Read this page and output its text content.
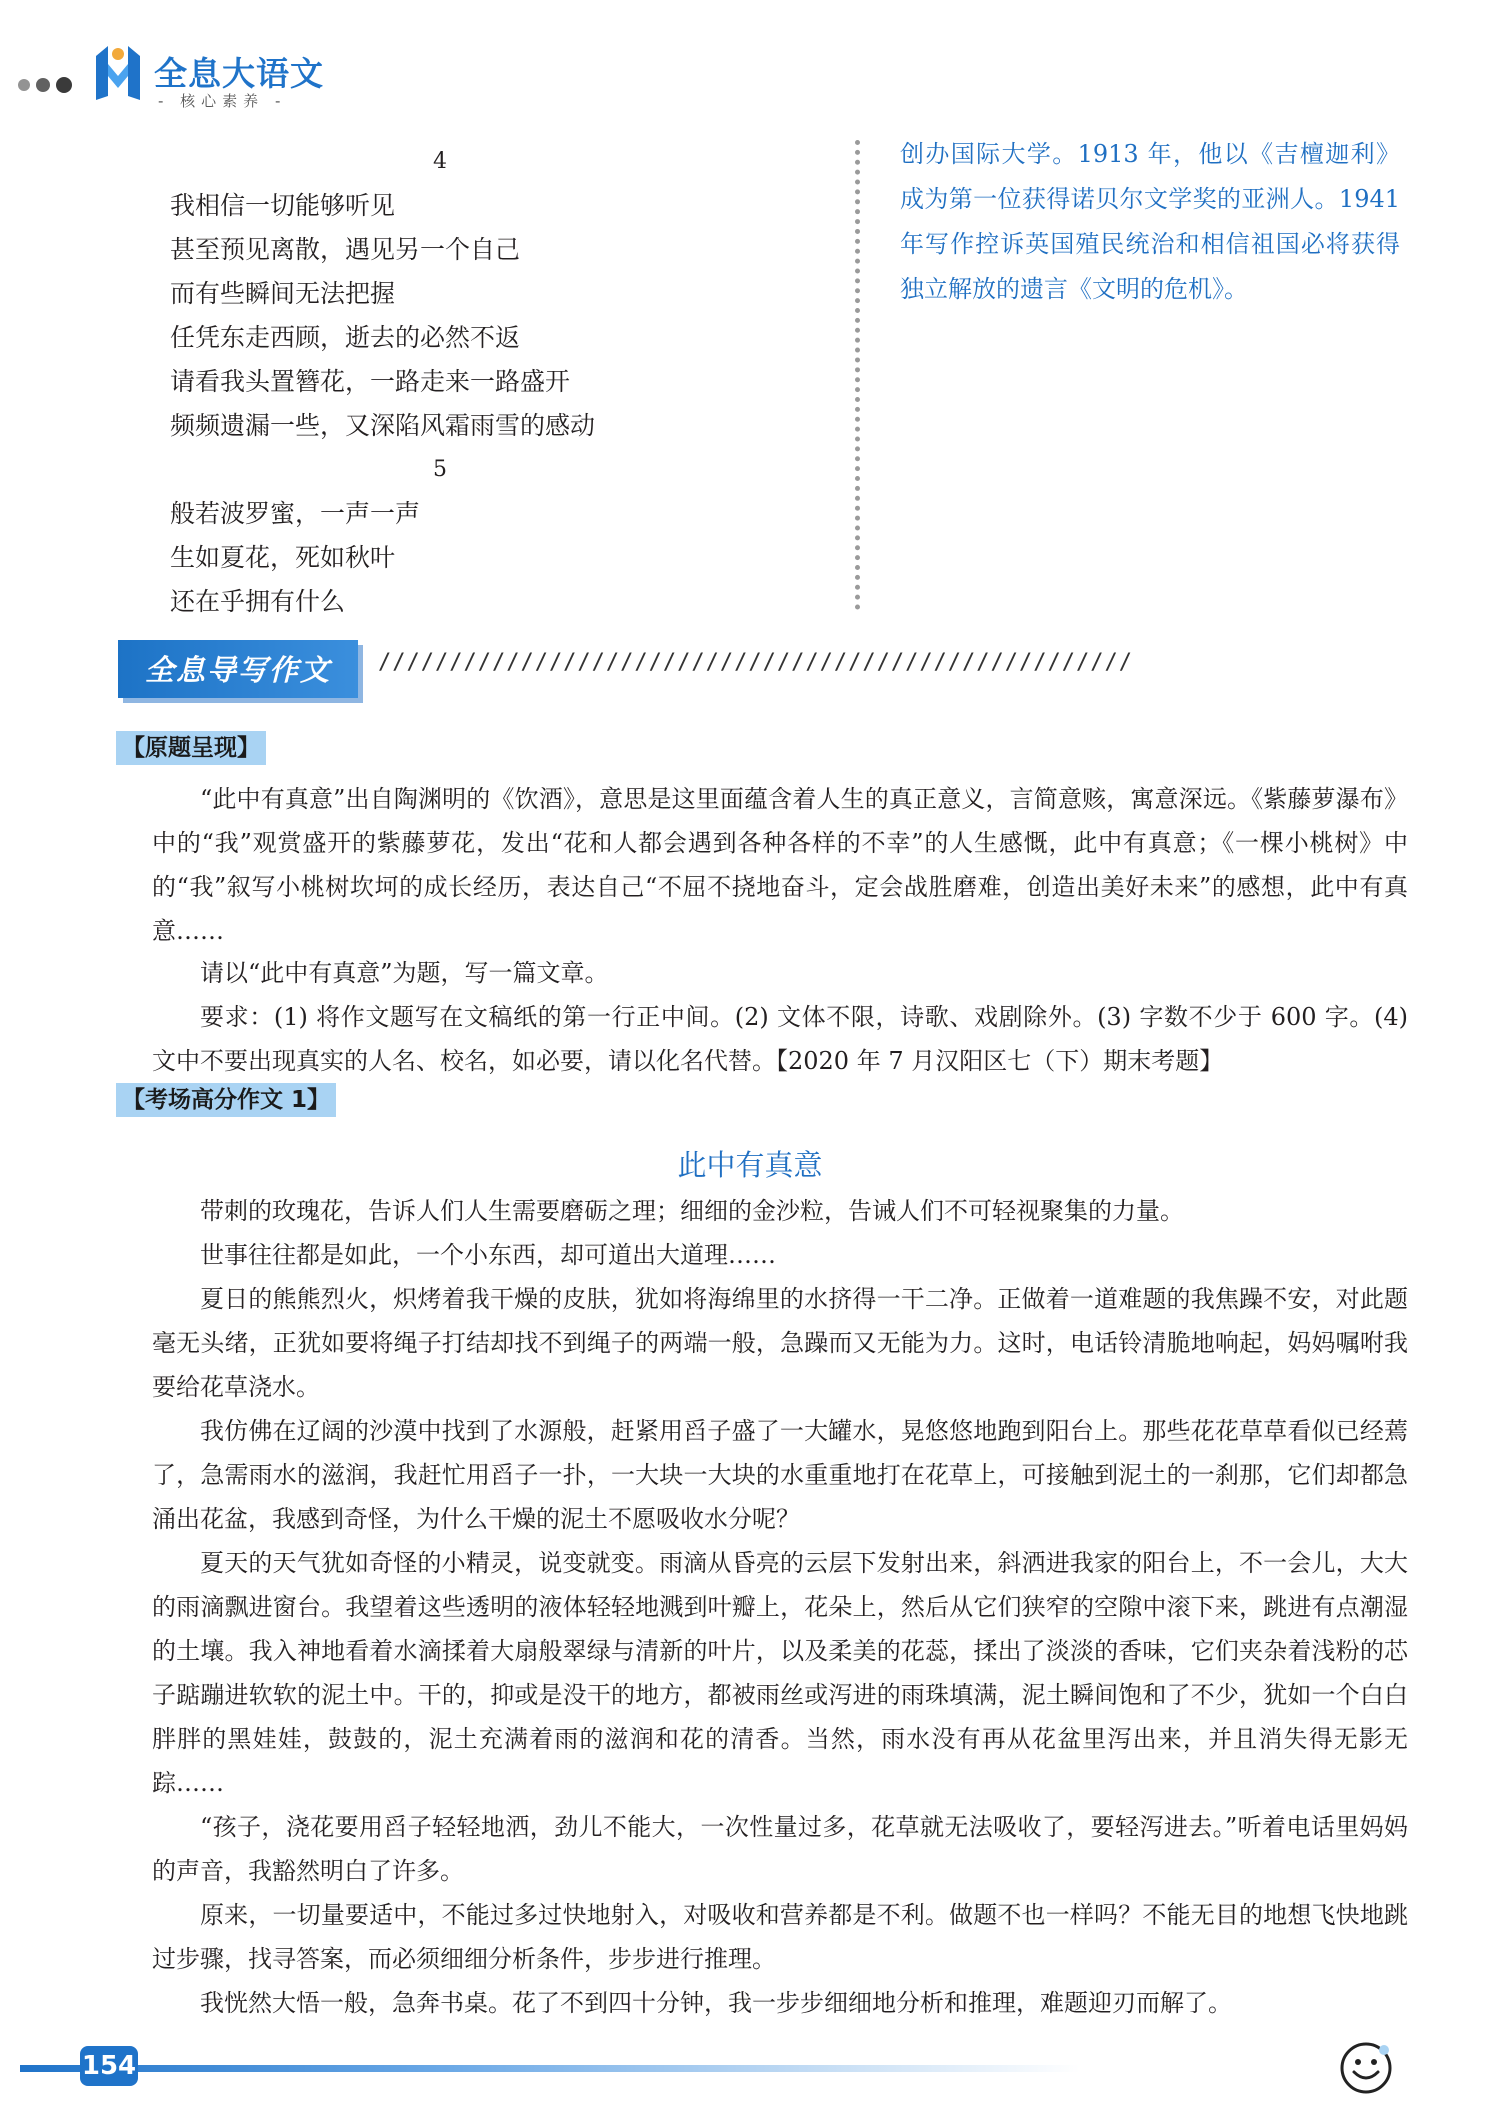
全息大语文
- 核心素养 -
4
我相信一切能够听见
甚至预见离散，遇见另一个自己
而有些瞬间无法把握
任凭东走西顾，逝去的必然不返
请看我头置簪花，一路走来一路盛开
频频遗漏一些，又深陷风霜雨雪的感动
5
般若波罗蜜，一声一声
生如夏花，死如秋叶
还在乎拥有什么
创办国际大学。1913 年，他以《吉檀迦利》成为第一位获得诺贝尔文学奖的亚洲人。1941 年写作控诉英国殖民统治和相信祖国必将获得独立解放的遗言《文明的危机》。
全息导写作文	/////////////////////////////////////////////////////
【原题呈现】
“此中有真意”出自陶渊明的《饮酒》，意思是这里面蕴含着人生的真正意义，言简意赅，寓意深远。《紫藤萝瀑布》中的“我”观赏盛开的紫藤萝花，发出“花和人都会遇到各种各样的不幸”的人生感慨，此中有真意；《一棵小桃树》中的“我”叙写小桃树坎坷的成长经历，表达自己“不屈不挠地奋斗，定会战胜磨难，创造出美好未来”的感想，此中有真意……
请以“此中有真意”为题，写一篇文章。
要求：(1) 将作文题写在文稿纸的第一行正中间。(2) 文体不限，诗歌、戏剧除外。(3) 字数不少于 600 字。(4) 文中不要出现真实的人名、校名，如必要，请以化名代替。【2020 年 7 月汉阳区七（下）期末考题】
【考场高分作文 1】
此中有真意
带刺的玫瑰花，告诉人们人生需要磨砺之理；细细的金沙粒，告诫人们不可轻视聚集的力量。
世事往往都是如此，一个小东西，却可道出大道理……
夏日的熊熊烈火，炽烤着我干燥的皮肤，犹如将海绵里的水挤得一干二净。正做着一道难题的我焦躁不安，对此题毫无头绪，正犹如要将绳子打结却找不到绳子的两端一般，急躁而又无能为力。这时，电话铃清脆地响起，妈妈嘱咐我要给花草浇水。
我仿佛在辽阔的沙漠中找到了水源般，赶紧用舀子盛了一大罐水，晃悠悠地跑到阳台上。那些花花草草看似已经蔫了，急需雨水的滋润，我赶忙用舀子一扑，一大块一大块的水重重地打在花草上，可接触到泥土的一刹那，它们却都急涌出花盆，我感到奇怪，为什么干燥的泥土不愿吸收水分呢？
夏天的天气犹如奇怪的小精灵，说变就变。雨滴从昏亮的云层下发射出来，斜洒进我家的阳台上，不一会儿，大大的雨滴飘进窗台。我望着这些透明的液体轻轻地溅到叶瓣上，花朵上，然后从它们狭窄的空隙中滚下来，跳进有点潮湿的土壤。我入神地看着水滴揉着大扇般翠绿与清新的叶片，以及柔美的花蕊，揉出了淡淡的香味，它们夹杂着浅粉的芯子踮蹦进软软的泥土中。干的，抑或是没干的地方，都被雨丝或泻进的雨珠填满，泥土瞬间饱和了不少，犹如一个白白胖胖的黑娃娃，鼓鼓的，泥土充满着雨的滋润和花的清香。当然，雨水没有再从花盆里泻出来，并且消失得无影无踪……
“孩子，浇花要用舀子轻轻地洒，劲儿不能大，一次性量过多，花草就无法吸收了，要轻泻进去。”听着电话里妈妈的声音，我豁然明白了许多。
原来，一切量要适中，不能过多过快地射入，对吸收和营养都是不利。做题不也一样吗？不能无目的地想飞快地跳过步骤，找寻答案，而必须细细分析条件，步步进行推理。
我恍然大悟一般，急奔书桌。花了不到四十分钟，我一步步细细地分析和推理，难题迎刃而解了。
154
